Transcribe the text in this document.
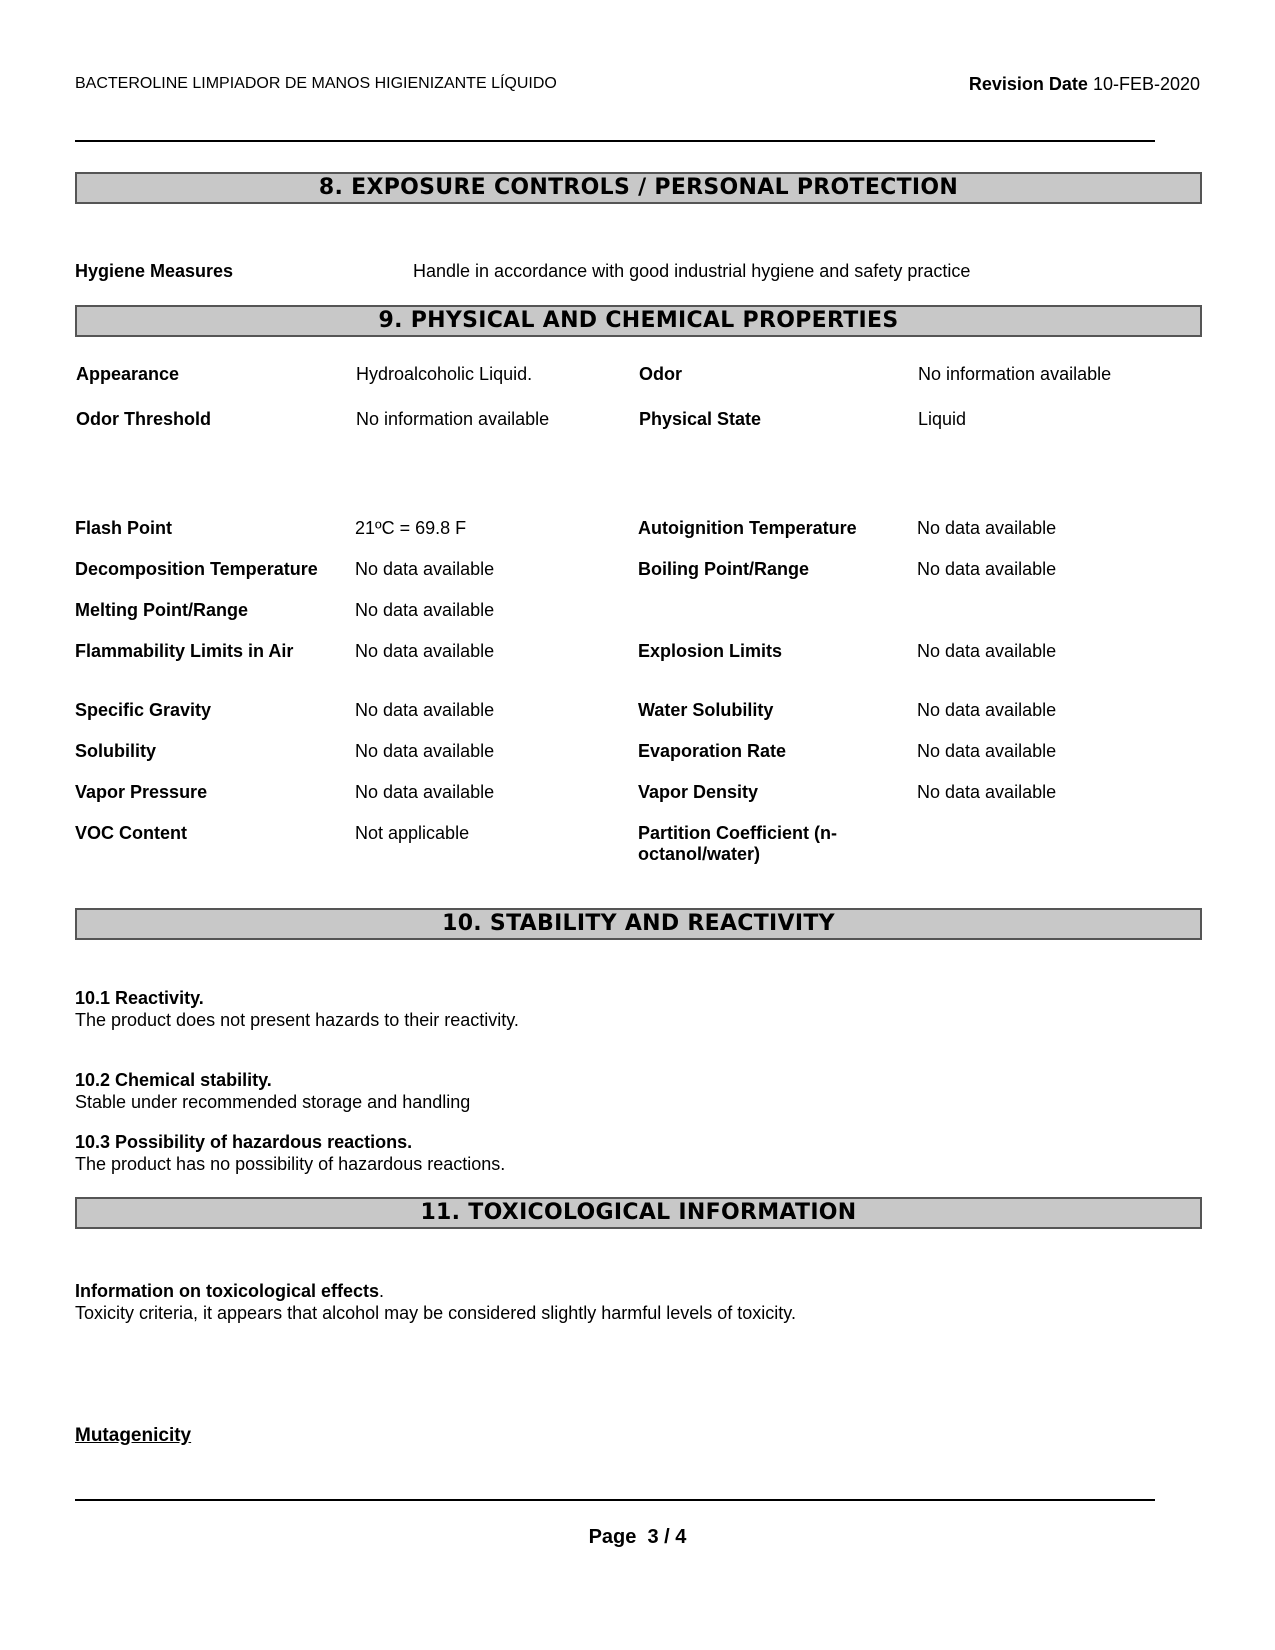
BACTEROLINE LIMPIADOR DE MANOS HIGIENIZANTE LÍQUIDO	Revision Date 10-FEB-2020
8. EXPOSURE CONTROLS / PERSONAL PROTECTION
Hygiene Measures	Handle in accordance with good industrial hygiene and safety practice
9. PHYSICAL AND CHEMICAL PROPERTIES
Appearance	Hydroalcoholic Liquid.	Odor	No information available
Odor Threshold	No information available	Physical State	Liquid
Flash Point	21ºC = 69.8 F	Autoignition Temperature	No data available
Decomposition Temperature No data available	Boiling Point/Range	No data available
Melting Point/Range	No data available
Flammability Limits in Air	No data available	Explosion Limits	No data available
Specific Gravity	No data available	Water Solubility	No data available
Solubility	No data available	Evaporation Rate	No data available
Vapor Pressure	No data available	Vapor Density	No data available
VOC Content	Not applicable	Partition Coefficient (n-
octanol/water)
10. STABILITY AND REACTIVITY
10.1 Reactivity.
The product does not present hazards to their reactivity.
10.2 Chemical stability.
Stable under recommended storage and handling
10.3 Possibility of hazardous reactions.
The product has no possibility of hazardous reactions.
11. TOXICOLOGICAL INFORMATION
Information on toxicological effects.
Toxicity criteria, it appears that alcohol may be considered slightly harmful levels of toxicity.
Mutagenicity
Page 3 / 4
